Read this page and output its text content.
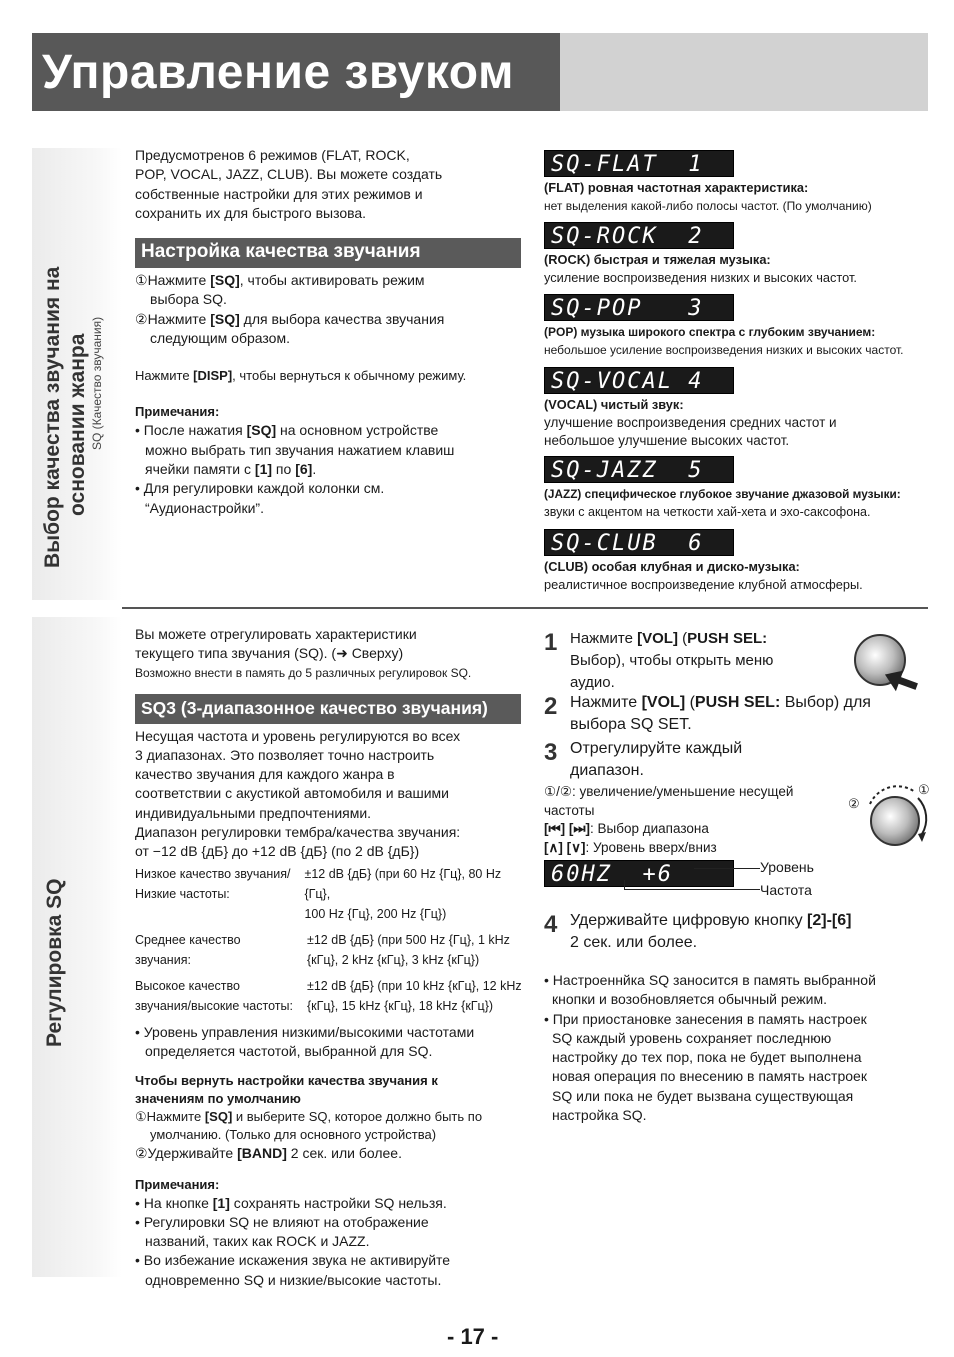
Управление звуком
Выбор качества звучания на основании жанра SQ (Качество звучания)
Предусмотренов 6 режимов (FLAT, ROCK,
POP, VOCAL, JAZZ, CLUB). Вы можете создать
собственные настройки для этих режимов и
сохранить их для быстрого вызова.
Настройка качества звучания
①Нажмите [SQ], чтобы активировать режим
выбора SQ.
②Нажмите [SQ] для выбора качества звучания
следующим образом.
Нажмите [DISP], чтобы вернуться к обычному режиму.
Примечания:
• После нажатия [SQ] на основном устройстве
можно выбрать тип звучания нажатием клавиш
ячейки памяти с [1] по [6].
• Для регулировки каждой колонки см.
“Аудионастройки”.
SQ-FLAT  1
(FLAT) ровная частотная характеристика:
нет выделения какой-либо полосы частот. (По умолчанию)
SQ-ROCK  2
(ROCK) быстрая и тяжелая музыка:
усиление воспроизведения низких и высоких частот.
SQ-POP   3
(POP) музыка широкого спектра с глубоким звучанием:
небольшое усиление воспроизведения низких и высоких частот.
SQ-VOCAL 4
(VOCAL) чистый звук:
улучшение воспроизведения средних частот и
небольшое улучшение высоких частот.
SQ-JAZZ  5
(JAZZ) специфическое глубокое звучание джазовой музыки:
звуки с акцентом на четкости хай-хета и эхо-саксофона.
SQ-CLUB  6
(CLUB) особая клубная и диско-музыка:
реалистичное воспроизведение клубной атмосферы.
Регулировка SQ
Вы можете отрегулировать характеристики
текущего типа звучания (SQ). (➜ Сверху)
Возможно внести в память до 5 различных регулировок SQ.
SQ3 (3-диапазонное качество звучания)
Несущая частота и уровень регулируются во всех
3 диапазонах. Это позволяет точно настроить
качество звучания для каждого жанра в
соответствии с акустикой автомобиля и вашими
индивидуальными предпочтениями.
Диапазон регулировки тембра/качества звучания:
от −12 dB {дБ} до +12 dB {дБ} (по 2 dB {дБ})
Низкое качество звучания/
Низкие частоты:
±12 dB {дБ} (при 60 Hz {Гц}, 80 Hz {Гц},
100 Hz {Гц}, 200 Hz {Гц})
Среднее качество
звучания:
±12 dB {дБ} (при 500 Hz {Гц}, 1 kHz
{кГц}, 2 kHz {кГц}, 3 kHz {кГц})
Высокое качество
звучания/высокие частоты:
±12 dB {дБ} (при 10 kHz {кГц}, 12 kHz
{кГц}, 15 kHz {кГц}, 18 kHz {кГц})
• Уровень управления низкими/высокими частотами
определяется частотой, выбранной для SQ.
Чтобы вернуть настройки качества звучания к
значениям по умолчанию
①Нажмите [SQ] и выберите SQ, которое должно быть по
умолчанию. (Только для основного устройства)
②Удерживайте [BAND] 2 сек. или более.
Примечания:
• На кнопке [1] сохранять настройки SQ нельзя.
• Регулировки SQ не влияют на отображение
названий, таких как ROCK и JAZZ.
• Во избежание искажения звука не активируйте
одновременно SQ и низкие/высокие частоты.
1 Нажмите [VOL] (PUSH SEL:
Выбор), чтобы открыть меню
аудио.
2 Нажмите [VOL] (PUSH SEL: Выбор) для
выбора SQ SET.
3 Отрегулируйте каждый
диапазон.
①/②: увеличение/уменьшение несущей
частоты
[⏮] [⏭]: Выбор диапазона
[∧] [∨]: Уровень вверх/вниз
②
①
60HZ  +6	Уровень
Частота
4 Удерживайте цифровую кнопку [2]-[6]
2 сек. или более.
• Настроеннйка SQ заносится в память выбранной
кнопки и возобновляется обычный режим.
• При приостановке занесения в память настроек
SQ каждый уровень сохраняет последнюю
настройку до тех пор, пока не будет выполнена
новая операция по внесению в память настроек
SQ или пока не будет вызвана существующая
настройка SQ.
- 17 -
